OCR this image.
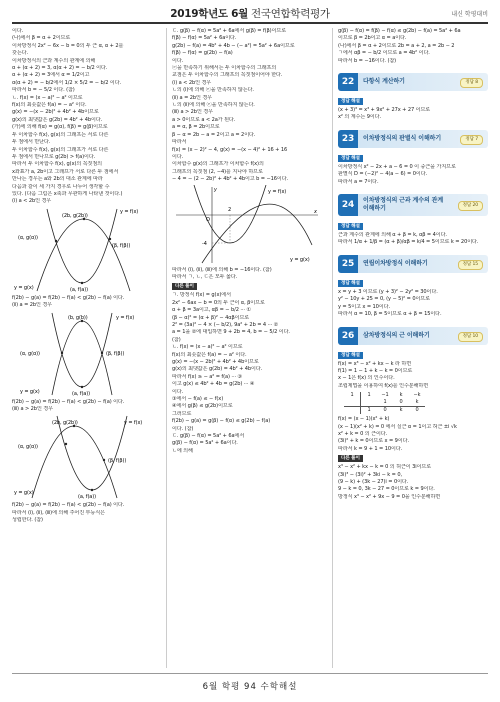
2019학년도 6월 전국연합학력평가	내신 학평대비
이다.
(나)에서 β = α + 2이므로
이차방정식 2x² − 6x − b = 0의 두 근 α, α + 2를
갖는다.
이차방정식의 근과 계수의 관계에 의해
α + (α + 2) = 3, α(α + 2) = − b/2 이다.
α + (α + 2) = 3에서 α = 1/2이고
α(α + 2) = − b/2에서 1/2 × 5/2 = − b/2 이다.
따라서 b = − 5/2 이다. (참)
ㄴ. f(x) = (x − a)² − a² 이므로
f(x)의 최솟값은 f(a) = − a² 이다.
g(x) = −(x − 2b)² + 4b² + 4b이므로
g(x)의 최댓값은 g(2b) = 4b² + 4b이다.
(가)에 의해 f(α) = g(α), f(β) = g(β)이므로
두 이차함수 f(x), g(x)의 그래프는 서로 다른
두 점에서 만난다.
두 이차함수 f(x), g(x)의 그래프가 서로 다른
두 점에서 만나므로 g(2b) > f(a)이다.
따라서 두 이차함수 f(x), g(x)의 꼭짓점의
x좌표가 a, 2b이고 그래프가 서로 다른 두 점에서
만나는 경우는 a와 2b의 대소 관계에 따라
다음과 같이 세 가지 경우로 나누어 생각할 수
있다. (다음 그림은 x축과 무관하게 나타낸 것이다.)
(ⅰ) a < 2b인 경우
(2b, g(2b))
(α, g(α))
(β, f(β))
(a, f(a))
y = f(x)
y = g(x)
f(2b) − g(a) = f(2b) − f(a) < g(2b) − f(a) 이다.
(ⅱ) a = 2b인 경우
(b, g(b))
(α, g(α))	(β, f(β))
(a, f(a))
y = f(x)
y = g(x)
f(2b) − g(a) = f(2b) − f(a) < g(2b) − f(a) 이다.
(ⅲ) a > 2b인 경우
(2b, g(2b))
(α, g(α))
(β, f(β))
(a, f(a))
y = f(x)
y = g(x)
f(2b) − g(a) = f(2b) − f(a) < g(2b) − f(a) 이다.
따라서 (ⅰ), (ⅱ), (ⅲ)에 의해 주어진 부등식은
성립한다. (참)
ㄷ. g(β) − f(α) = 5a² + 6a에서 g(β) = f(β)이므로
f(β) − f(α) = 5a² + 6a이다.
g(2b) − f(a) = 4b² + 4b − (− a²) = 5a² + 6a이므로
f(β) − f(α) = g(2b) − f(a)
이다.
ⓔ을 만족하기 위해서는 두 이차함수의 그래프의
교점은 두 이차함수의 그래프의 꼭짓점이어야 한다.
(ⅰ) a < 2b인 경우
ㄴ의 (ⅰ)에 의해 ⓔ을 만족하지 않는다.
(ⅱ) a = 2b인 경우
ㄴ의 (ⅱ)에 의해 ⓔ을 만족하지 않는다.
(ⅲ) a > 2b인 경우
a > 0이므로 a < 2a가 된다.
a = α, β = 2b이므로
β − α = 2b − a = 2이고 a = 2이다.
따라서
f(x) = (x − 2)² − 4, g(x) = −(x − 4)² + 16 + 16
이다.
이차함수 g(x)의 그래프가 이차함수 f(x)의
그래프의 꼭짓점 (2, −4)를 지나야 하므로
− 4 = − (2 − 2b)² + 4b² + 4b이고 b = −16이다.
y
x
O
2
-4
y = f(x)
y = g(x)
따라서 (ⅰ), (ⅱ), (ⅲ)에 의해 b = −16이다. (참)
따라서 ㄱ, ㄴ, ㄷ은 모두 옳다.
다른 풀이
ㄱ. 방정식 f(x) = g(x)에서
2x² − 6ax − b = 0의 두 근이 α, β이므로
α + β = 3a이고, αβ = − b/2 ··· ①
(β − α)² = (α + β)² − 4αβ이므로
2² = (3a)² − 4 × (− b/2), 9a² + 2b = 4 ··· ②
a = 1을 ②에 대입하면 9 + 2b = 4, b = − 5/2 이다.
(참)
ㄴ. f(x) = (x − a)² − a² 이므로
f(x)의 최솟값은 f(a) = − a² 이다.
g(x) = −(x − 2b)² + 4b² + 4b이므로
g(x)의 최댓값은 g(2b) = 4b² + 4b이다.
따라서 f(x) ≥ − a² = f(a) ··· ③
이고 g(x) ≤ 4b² + 4b = g(2b) ··· ④
이다.
③에서 − f(a) ≤ − f(x)
④에서 g(β) ≤ g(2b)이므로
그러므로
f(2b) − g(a) = g(β) − f(α) ≤ g(2b) − f(a)
이다. (참)
ㄷ. g(β) − f(α) = 5a² + 6a에서
g(β) − f(α) = 5a² + 6a이다.
ㄴ에 의해
g(β) − f(α) = f(β) − f(α) ≤ g(2b) − f(a) = 5a² + 6a
이므로 β = 2b이고 α = a이다.
(나)에서 β = α + 2이므로 2b = a + 2, a = 2b − 2
ㄱ에서 αβ = − b/2 이므로 a = 4b² 이다.
따라서 b = −16이다. (참)
22	다항식 계산하기	정답 8
정답 해설
(x + 3)³ = x³ + 9x² + 27x + 27 이므로
x² 의 계수는 9이다.
23	이차방정식의 판별식 이해하기	정답 7
정답 해설
이차방정식 x² − 2x + a − 6 = 0 이 중근을 가지므로
판별식 D = (−2)² − 4(a − 6) = 0이다.
따라서 a = 7이다.
24	이차방정식의 근과 계수의 관계
이해하기	정답 20
정답 해설
근과 계수의 관계에 의해 α + β = k, αβ = 4이다.
따라서 1/α + 1/β = (α + β)/αβ = k/4 = 5이므로 k = 20이다.
25	연립이차방정식 이해하기	정답 15
정답 해설
x = y + 3 이므로 (y + 3)² − 2y² = 30이다.
y² − 10y + 25 = 0, (y − 5)² = 0이므로
y = 5이고 x = 10이다.
따라서 α = 10, β = 5이므로 α + β = 15이다.
26	삼차방정식의 근 이해하기	정답 10
정답 해설
f(x) = x³ − x² + kx − k 라 하면
f(1) = 1 − 1 + k − k = 0이므로
x − 1은 f(x) 의 인수이다.
조립제법을 이용하여 f(x)를 인수분해하면
1	1	−1	k	−k
		1	0	k
	1	0	k	0
f(x) = (x − 1)(x² + k)
(x − 1)(x² + k) = 0 에서 실근 α = 1이고 허근 ±i √k
x² + k = 0 의 근이다.
(3i)² + k = 0이므로 x = 9이다.
따라서 k = 9 + 1 = 10이다.
다른 풀이
x³ − x² + kx − k = 0 의 허근이 3i이므로
(3i)³ − (3i)² + 3ki − k = 0,
(9 − k) + (3k − 27)i = 0이다.
9 − k = 0, 3k − 27 = 0이므로 k = 9이다.
방정식 x³ − x² + 9x − 9 = 0을 인수분해하면
6월 학평 94 수학해설
